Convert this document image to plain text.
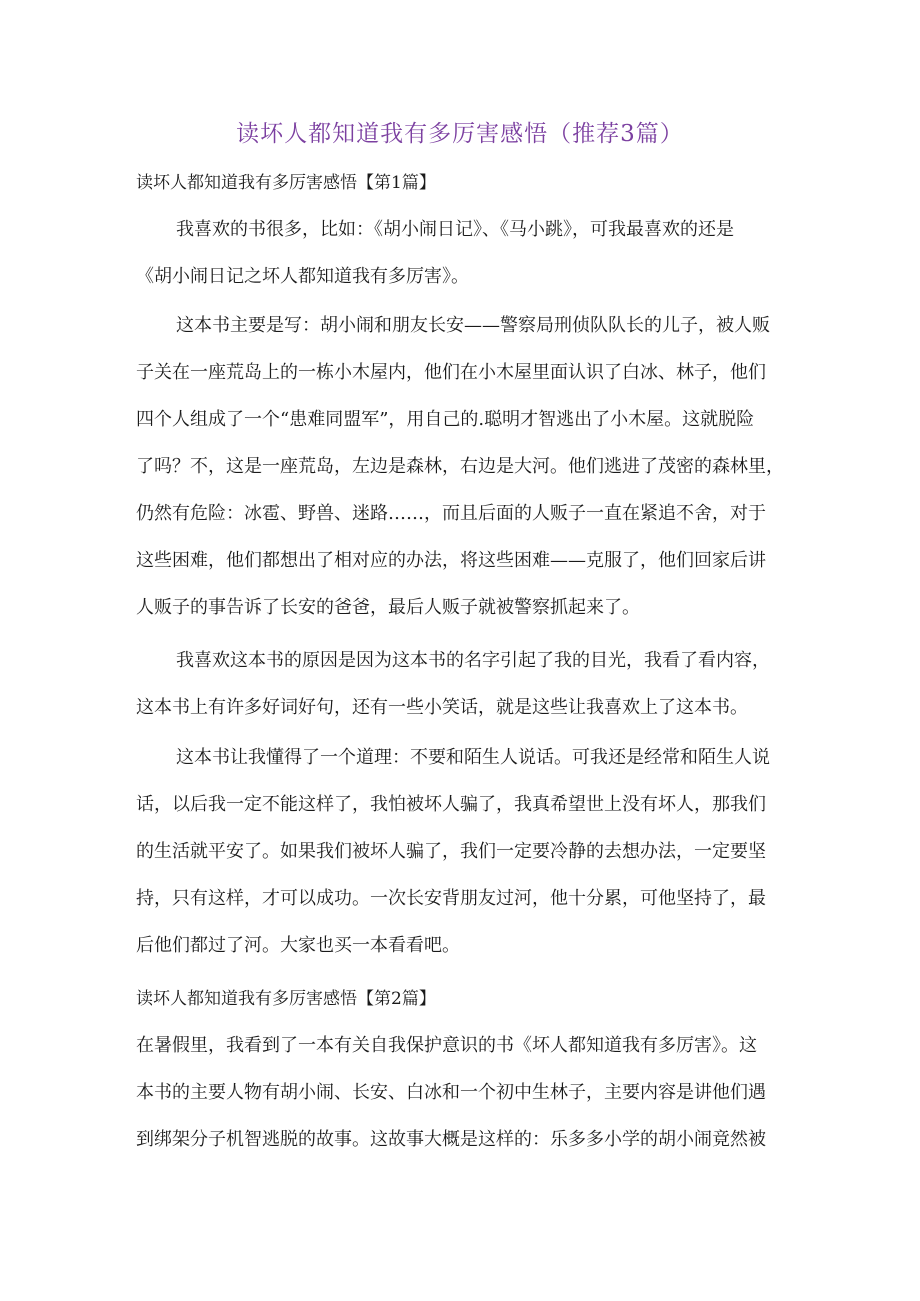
读坏人都知道我有多厉害感悟（推荐3篇）
读坏人都知道我有多厉害感悟【第1篇】
我喜欢的书很多，比如：《胡小闹日记》、《马小跳》，可我最喜欢的还是
《胡小闹日记之坏人都知道我有多厉害》。
这本书主要是写：胡小闹和朋友长安——警察局刑侦队队长的儿子，被人贩
子关在一座荒岛上的一栋小木屋内，他们在小木屋里面认识了白冰、林子，他们
四个人组成了一个“患难同盟军”，用自己的.聪明才智逃出了小木屋。这就脱险
了吗？不，这是一座荒岛，左边是森林，右边是大河。他们逃进了茂密的森林里，
仍然有危险：冰雹、野兽、迷路……，而且后面的人贩子一直在紧追不舍，对于
这些困难，他们都想出了相对应的办法，将这些困难——克服了，他们回家后讲
人贩子的事告诉了长安的爸爸，最后人贩子就被警察抓起来了。
我喜欢这本书的原因是因为这本书的名字引起了我的目光，我看了看内容，
这本书上有许多好词好句，还有一些小笑话，就是这些让我喜欢上了这本书。
这本书让我懂得了一个道理：不要和陌生人说话。可我还是经常和陌生人说
话，以后我一定不能这样了，我怕被坏人骗了，我真希望世上没有坏人，那我们
的生活就平安了。如果我们被坏人骗了，我们一定要冷静的去想办法，一定要坚
持，只有这样，才可以成功。一次长安背朋友过河，他十分累，可他坚持了，最
后他们都过了河。大家也买一本看看吧。
读坏人都知道我有多厉害感悟【第2篇】
在暑假里，我看到了一本有关自我保护意识的书《坏人都知道我有多厉害》。这
本书的主要人物有胡小闹、长安、白冰和一个初中生林子，主要内容是讲他们遇
到绑架分子机智逃脱的故事。这故事大概是这样的：乐多多小学的胡小闹竟然被
